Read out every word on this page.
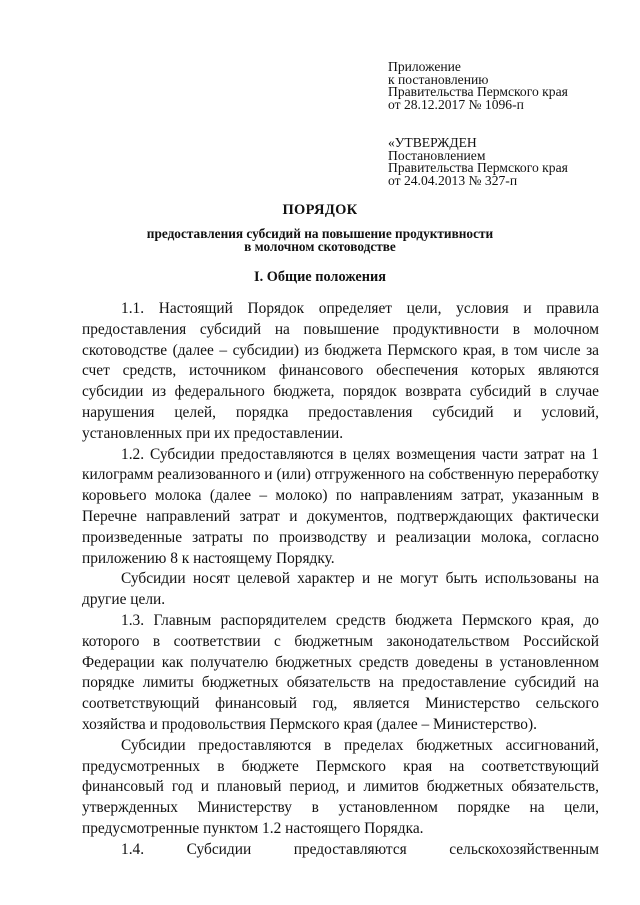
Приложение
к постановлению
Правительства Пермского края
от 28.12.2017 № 1096-п
«УТВЕРЖДЕН
Постановлением
Правительства Пермского края
от 24.04.2013 № 327-п
ПОРЯДОК
предоставления субсидий на повышение продуктивности
в молочном скотоводстве
I. Общие положения

1.1. Настоящий Порядок определяет цели, условия и правила предоставления субсидий на повышение продуктивности в молочном скотоводстве (далее – субсидии) из бюджета Пермского края, в том числе за счет средств, источником финансового обеспечения которых являются субсидии из федерального бюджета, порядок возврата субсидий в случае нарушения целей, порядка предоставления субсидий и условий, установленных при их предоставлении.

1.2. Субсидии предоставляются в целях возмещения части затрат на 1 килограмм реализованного и (или) отгруженного на собственную переработку коровьего молока (далее – молоко) по направлениям затрат, указанным в Перечне направлений затрат и документов, подтверждающих фактически произведенные затраты по производству и реализации молока, согласно приложению 8 к настоящему Порядку.

Субсидии носят целевой характер и не могут быть использованы на другие цели.

1.3. Главным распорядителем средств бюджета Пермского края, до которого в соответствии с бюджетным законодательством Российской Федерации как получателю бюджетных средств доведены в установленном порядке лимиты бюджетных обязательств на предоставление субсидий на соответствующий финансовый год, является Министерство сельского хозяйства и продовольствия Пермского края (далее – Министерство).

Субсидии предоставляются в пределах бюджетных ассигнований, предусмотренных в бюджете Пермского края на соответствующий финансовый год и плановый период, и лимитов бюджетных обязательств, утвержденных Министерству в установленном порядке на цели, предусмотренные пунктом 1.2 настоящего Порядка.

1.4. Субсидии предоставляются сельскохозяйственным
